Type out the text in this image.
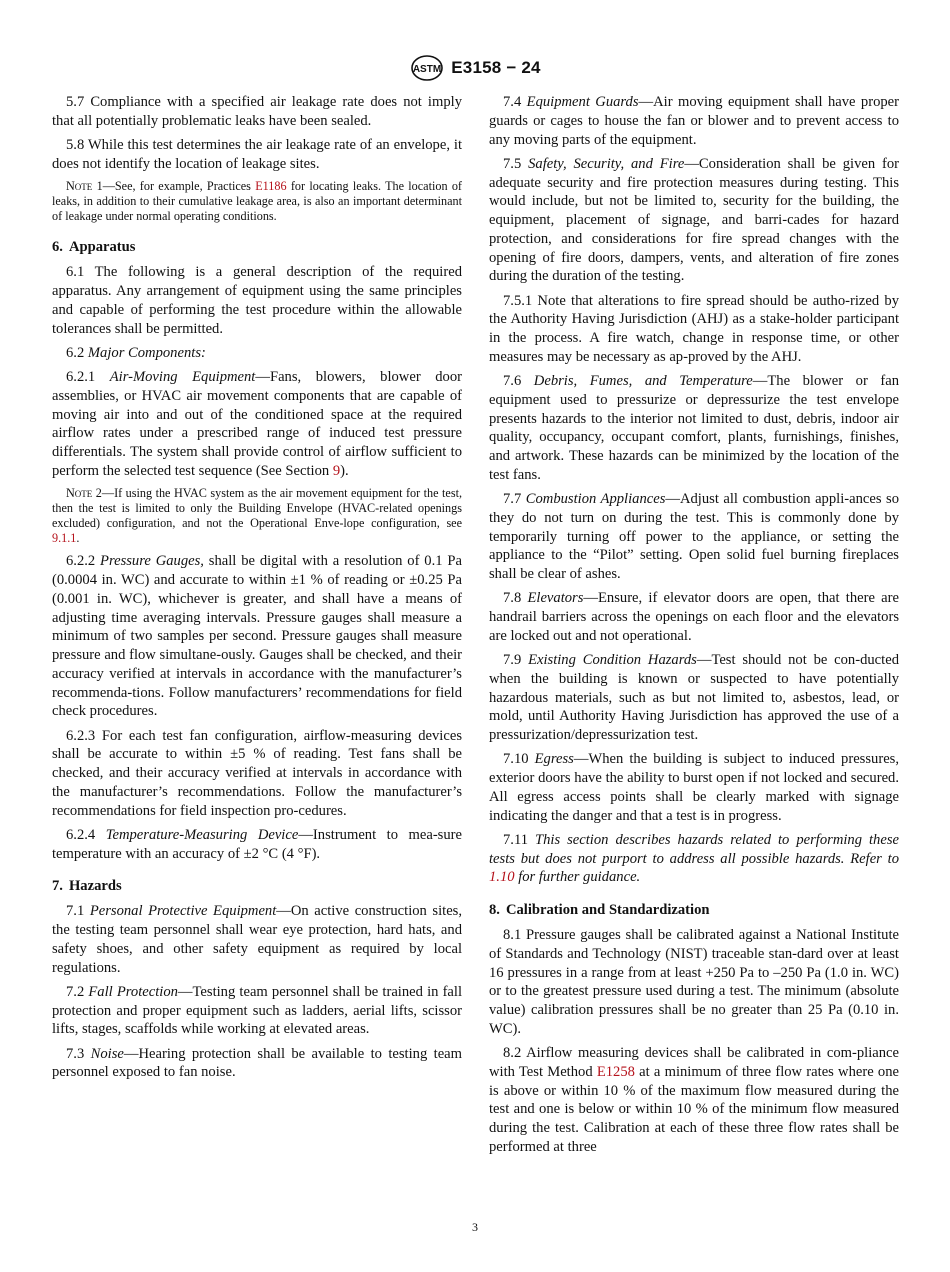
ASTM E3158 − 24

5.7 Compliance with a specified air leakage rate does not imply that all potentially problematic leaks have been sealed.

5.8 While this test determines the air leakage rate of an envelope, it does not identify the location of leakage sites.

Note 1—See, for example, Practices E1186 for locating leaks. The location of leaks, in addition to their cumulative leakage area, is also an important determinant of leakage under normal operating conditions.
6. Apparatus

6.1 The following is a general description of the required apparatus. Any arrangement of equipment using the same principles and capable of performing the test procedure within the allowable tolerances shall be permitted.

6.2 Major Components:

6.2.1 Air-Moving Equipment—Fans, blowers, blower door assemblies, or HVAC air movement components that are capable of moving air into and out of the conditioned space at the required airflow rates under a prescribed range of induced test pressure differentials. The system shall provide control of airflow sufficient to perform the selected test sequence (See Section 9).

Note 2—If using the HVAC system as the air movement equipment for the test, then the test is limited to only the Building Envelope (HVAC-related openings excluded) configuration, and not the Operational Enve-lope configuration, see 9.1.1.

6.2.2 Pressure Gauges, shall be digital with a resolution of 0.1 Pa (0.0004 in. WC) and accurate to within ±1 % of reading or ±0.25 Pa (0.001 in. WC), whichever is greater, and shall have a means of adjusting time averaging intervals. Pressure gauges shall measure a minimum of two samples per second. Pressure gauges shall measure pressure and flow simultane-ously. Gauges shall be checked, and their accuracy verified at intervals in accordance with the manufacturer’s recommenda-tions. Follow manufacturers’ recommendations for field check procedures.

6.2.3 For each test fan configuration, airflow-measuring devices shall be accurate to within ±5 % of reading. Test fans shall be checked, and their accuracy verified at intervals in accordance with the manufacturer’s recommendations. Follow the manufacturer’s recommendations for field inspection pro-cedures.

6.2.4 Temperature-Measuring Device—Instrument to mea-sure temperature with an accuracy of ±2 °C (4 °F).

7. Hazards

7.1 Personal Protective Equipment—On active construction sites, the testing team personnel shall wear eye protection, hard hats, and safety shoes, and other safety equipment as required by local regulations.

7.2 Fall Protection—Testing team personnel shall be trained in fall protection and proper equipment such as ladders, aerial lifts, scissor lifts, stages, scaffolds while working at elevated areas.

7.3 Noise—Hearing protection shall be available to testing team personnel exposed to fan noise.

7.4 Equipment Guards—Air moving equipment shall have proper guards or cages to house the fan or blower and to prevent access to any moving parts of the equipment.

7.5 Safety, Security, and Fire—Consideration shall be given for adequate security and fire protection measures during testing. This would include, but not be limited to, security for the building, the equipment, placement of signage, and barri-cades for hazard protection, and considerations for fire spread changes with the opening of fire doors, dampers, vents, and alteration of fire zones during the duration of the testing.

7.5.1 Note that alterations to fire spread should be autho-rized by the Authority Having Jurisdiction (AHJ) as a stake-holder participant in the process. A fire watch, change in response time, or other measures may be necessary as ap-proved by the AHJ.

7.6 Debris, Fumes, and Temperature—The blower or fan equipment used to pressurize or depressurize the test envelope presents hazards to the interior not limited to dust, debris, indoor air quality, occupancy, occupant comfort, plants, furnishings, finishes, and artwork. These hazards can be minimized by the location of the test fans.

7.7 Combustion Appliances—Adjust all combustion appli-ances so they do not turn on during the test. This is commonly done by temporarily turning off power to the appliance, or setting the appliance to the “Pilot” setting. Open solid fuel burning fireplaces shall be clear of ashes.

7.8 Elevators—Ensure, if elevator doors are open, that there are handrail barriers across the openings on each floor and the elevators are locked out and not operational.

7.9 Existing Condition Hazards—Test should not be con-ducted when the building is known or suspected to have potentially hazardous materials, such as but not limited to, asbestos, lead, or mold, until Authority Having Jurisdiction has approved the use of a pressurization/depressurization test.

7.10 Egress—When the building is subject to induced pressures, exterior doors have the ability to burst open if not locked and secured. All egress access points shall be clearly marked with signage indicating the danger and that a test is in progress.

7.11 This section describes hazards related to performing these tests but does not purport to address all possible hazards. Refer to 1.10 for further guidance.

8. Calibration and Standardization

8.1 Pressure gauges shall be calibrated against a National Institute of Standards and Technology (NIST) traceable stan-dard over at least 16 pressures in a range from at least +250 Pa to –250 Pa (1.0 in. WC) or to the greatest pressure used during a test. The minimum (absolute value) calibration pressures shall be no greater than 25 Pa (0.10 in. WC).

8.2 Airflow measuring devices shall be calibrated in com-pliance with Test Method E1258 at a minimum of three flow rates where one is above or within 10 % of the maximum flow measured during the test and one is below or within 10 % of the minimum flow measured during the test. Calibration at each of these three flow rates shall be performed at three

3
